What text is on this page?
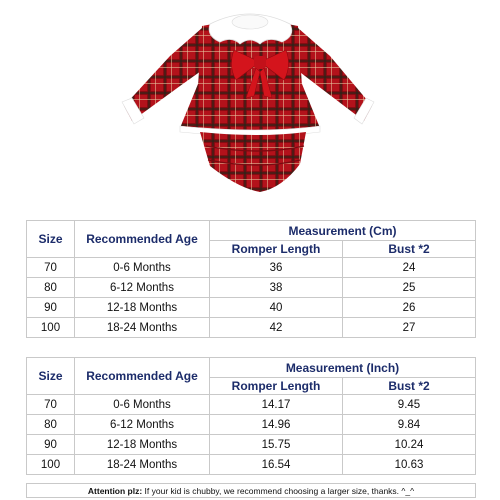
Size	Recommended Age	Measurement (Cm)	
		Romper Length	Bust *2
70	0-6 Months	36	24
80	6-12 Months	38	25
90	12-18 Months	40	26
100	18-24 Months	42	27
Size	Recommended Age	Measurement (Inch)	
		Romper Length	Bust *2
70	0-6 Months	14.17	9.45
80	6-12 Months	14.96	9.84
90	12-18 Months	15.75	10.24
100	18-24 Months	16.54	10.63
Attention plz: If your kid is chubby, we recommend choosing a larger size, thanks. ^_^
